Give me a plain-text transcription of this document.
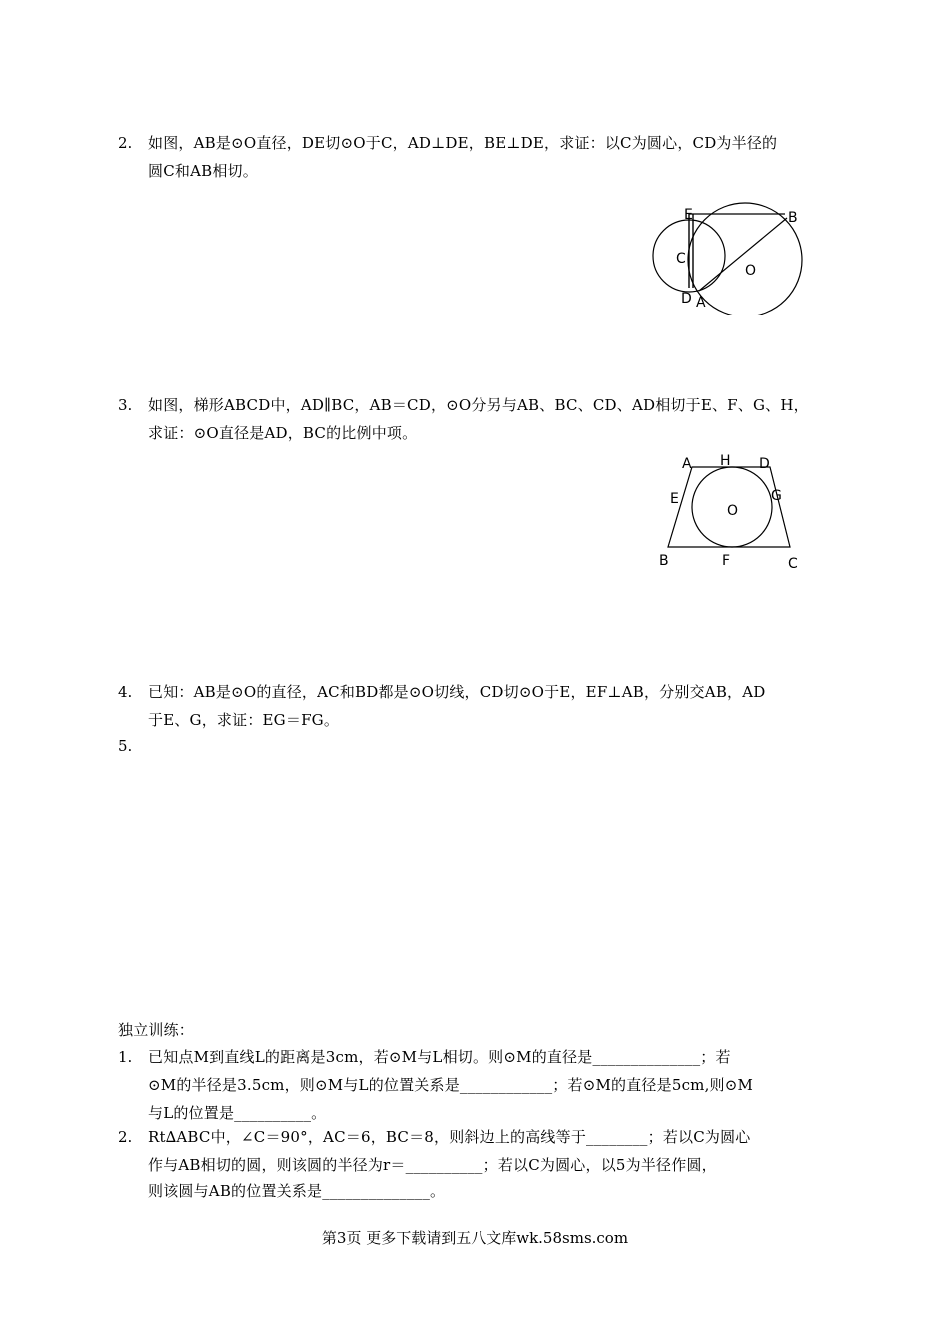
2. 如图，AB是⊙O直径，DE切⊙O于C，AD⊥DE，BE⊥DE，求证：以C为圆心，CD为半径的
圆C和AB相切。
E	B
C
O
D A
3. 如图，梯形ABCD中，AD∥BC，AB＝CD，⊙O分另与AB、BC、CD、AD相切于E、F、G、H，
求证：⊙O直径是AD，BC的比例中项。
A H D
E	G
O
B	F	C
4. 已知：AB是⊙O的直径，AC和BD都是⊙O切线，CD切⊙O于E，EF⊥AB，分别交AB，AD
于E、G，求证：EG＝FG。
5.
独立训练：
1. 已知点M到直线L的距离是3cm，若⊙M与L相切。则⊙M的直径是______________；若
⊙M的半径是3.5cm，则⊙M与L的位置关系是____________；若⊙M的直径是5cm,则⊙M
与L的位置是__________。
2. Rt∆ABC中，∠C＝90°，AC＝6，BC＝8，则斜边上的高线等于________；若以C为圆心
作与AB相切的圆，则该圆的半径为r＝__________；若以C为圆心，以5为半径作圆，
则该圆与AB的位置关系是______________。
第3页 更多下载请到五八文库wk.58sms.com
